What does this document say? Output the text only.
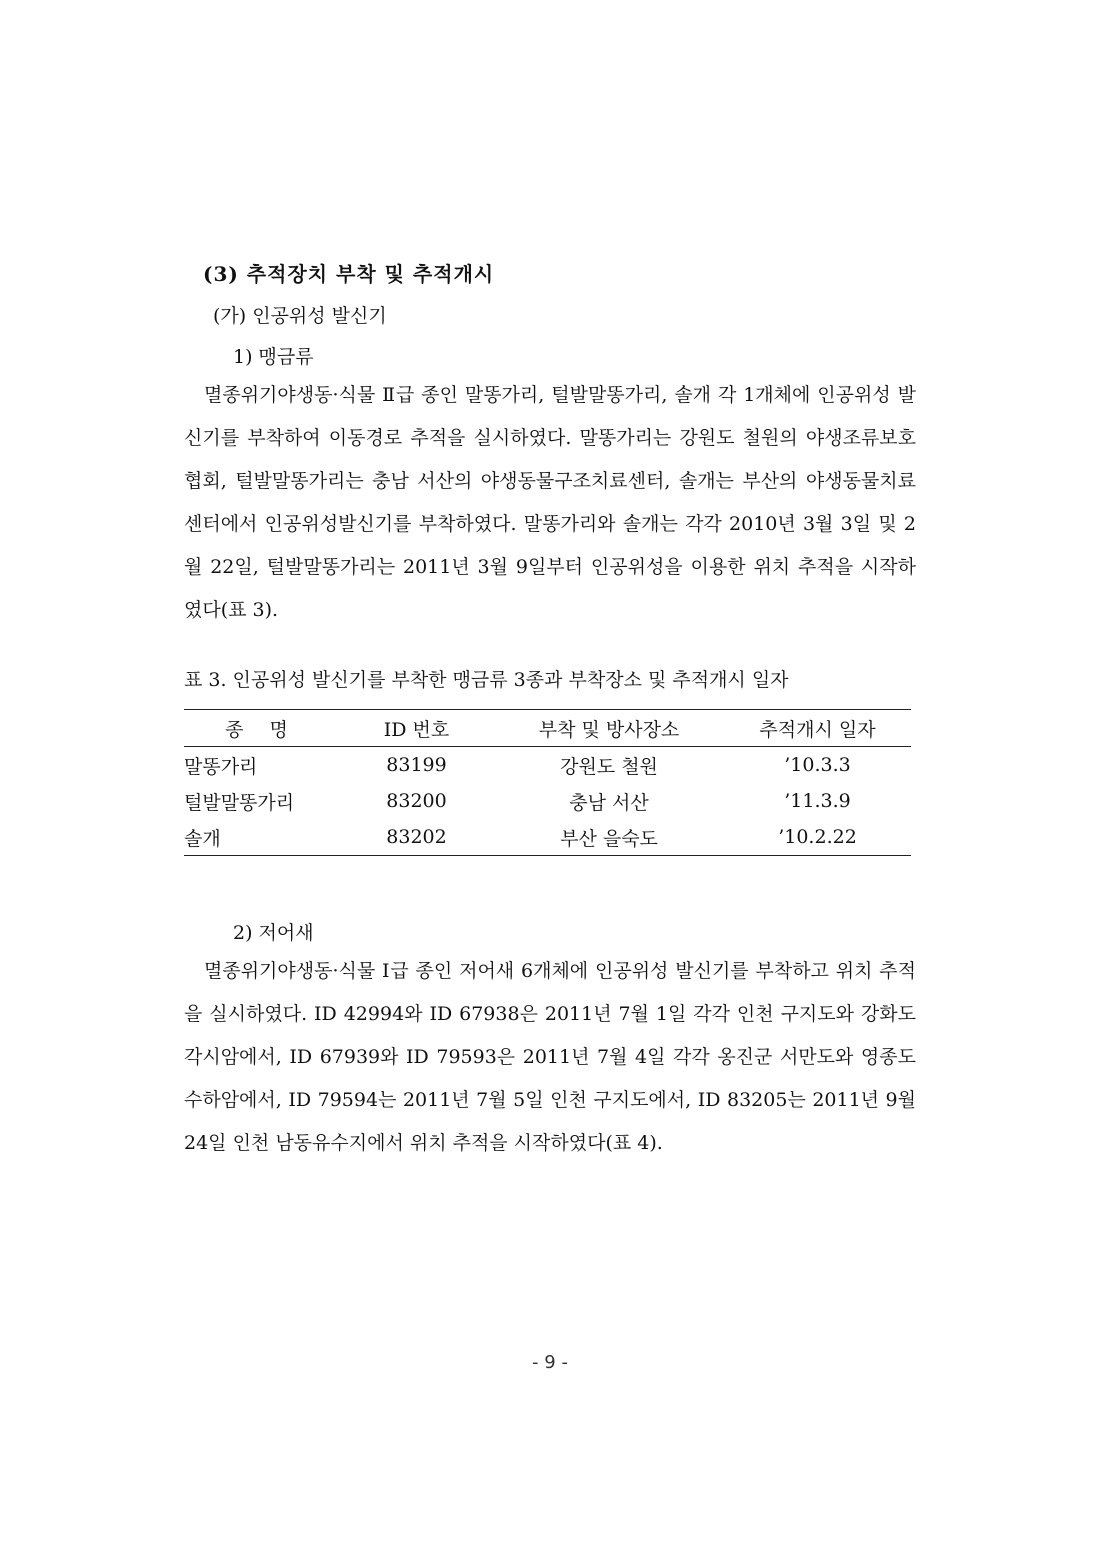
(3) 추적장치 부착 및 추적개시
(가) 인공위성 발신기
1) 맹금류

멸종위기야생동·식물 Ⅱ급 종인 말똥가리, 털발말똥가리, 솔개 각 1개체에 인공위성 발신기를 부착하여 이동경로 추적을 실시하였다. 말똥가리는 강원도 철원의 야생조류보호협회, 털발말똥가리는 충남 서산의 야생동물구조치료센터, 솔개는 부산의 야생동물치료센터에서 인공위성발신기를 부착하였다. 말똥가리와 솔개는 각각 2010년 3월 3일 및 2월 22일, 털발말똥가리는 2011년 3월 9일부터 인공위성을 이용한 위치 추적을 시작하였다(표 3).

표 3. 인공위성 발신기를 부착한 맹금류 3종과 부착장소 및 추적개시 일자
종 명	ID 번호	부착 및 방사장소	추적개시 일자
말똥가리	83199	강원도 철원	’10.3.3
털발말똥가리	83200	충남 서산	’11.3.9
솔개	83202	부산 을숙도	’10.2.22
2) 저어새

멸종위기야생동·식물 Ⅰ급 종인 저어새 6개체에 인공위성 발신기를 부착하고 위치 추적을 실시하였다. ID 42994와 ID 67938은 2011년 7월 1일 각각 인천 구지도와 강화도 각시암에서, ID 67939와 ID 79593은 2011년 7월 4일 각각 옹진군 서만도와 영종도 수하암에서, ID 79594는 2011년 7월 5일 인천 구지도에서, ID 83205는 2011년 9월 24일 인천 남동유수지에서 위치 추적을 시작하였다(표 4).

- 9 -
